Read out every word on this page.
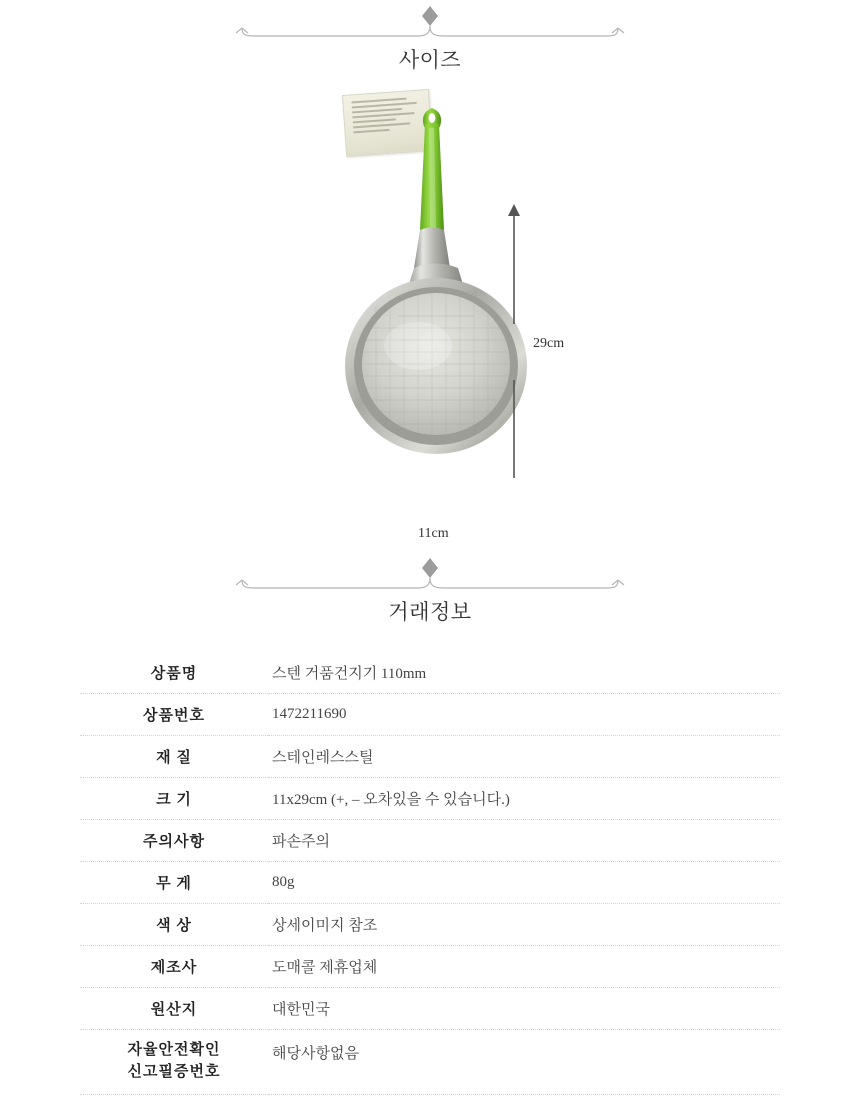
사이즈
29cm
11cm
거래정보
상품명	스텐 거품건지기 110mm
상품번호	1472211690
재 질	스테인레스스틸
크 기	11x29cm (+, – 오차있을 수 있습니다.)
주의사항	파손주의
무 게	80g
색 상	상세이미지 참조
제조사	도매콜 제휴업체
원산지	대한민국

자율안전확인
신고필증번호	해당사항없음
